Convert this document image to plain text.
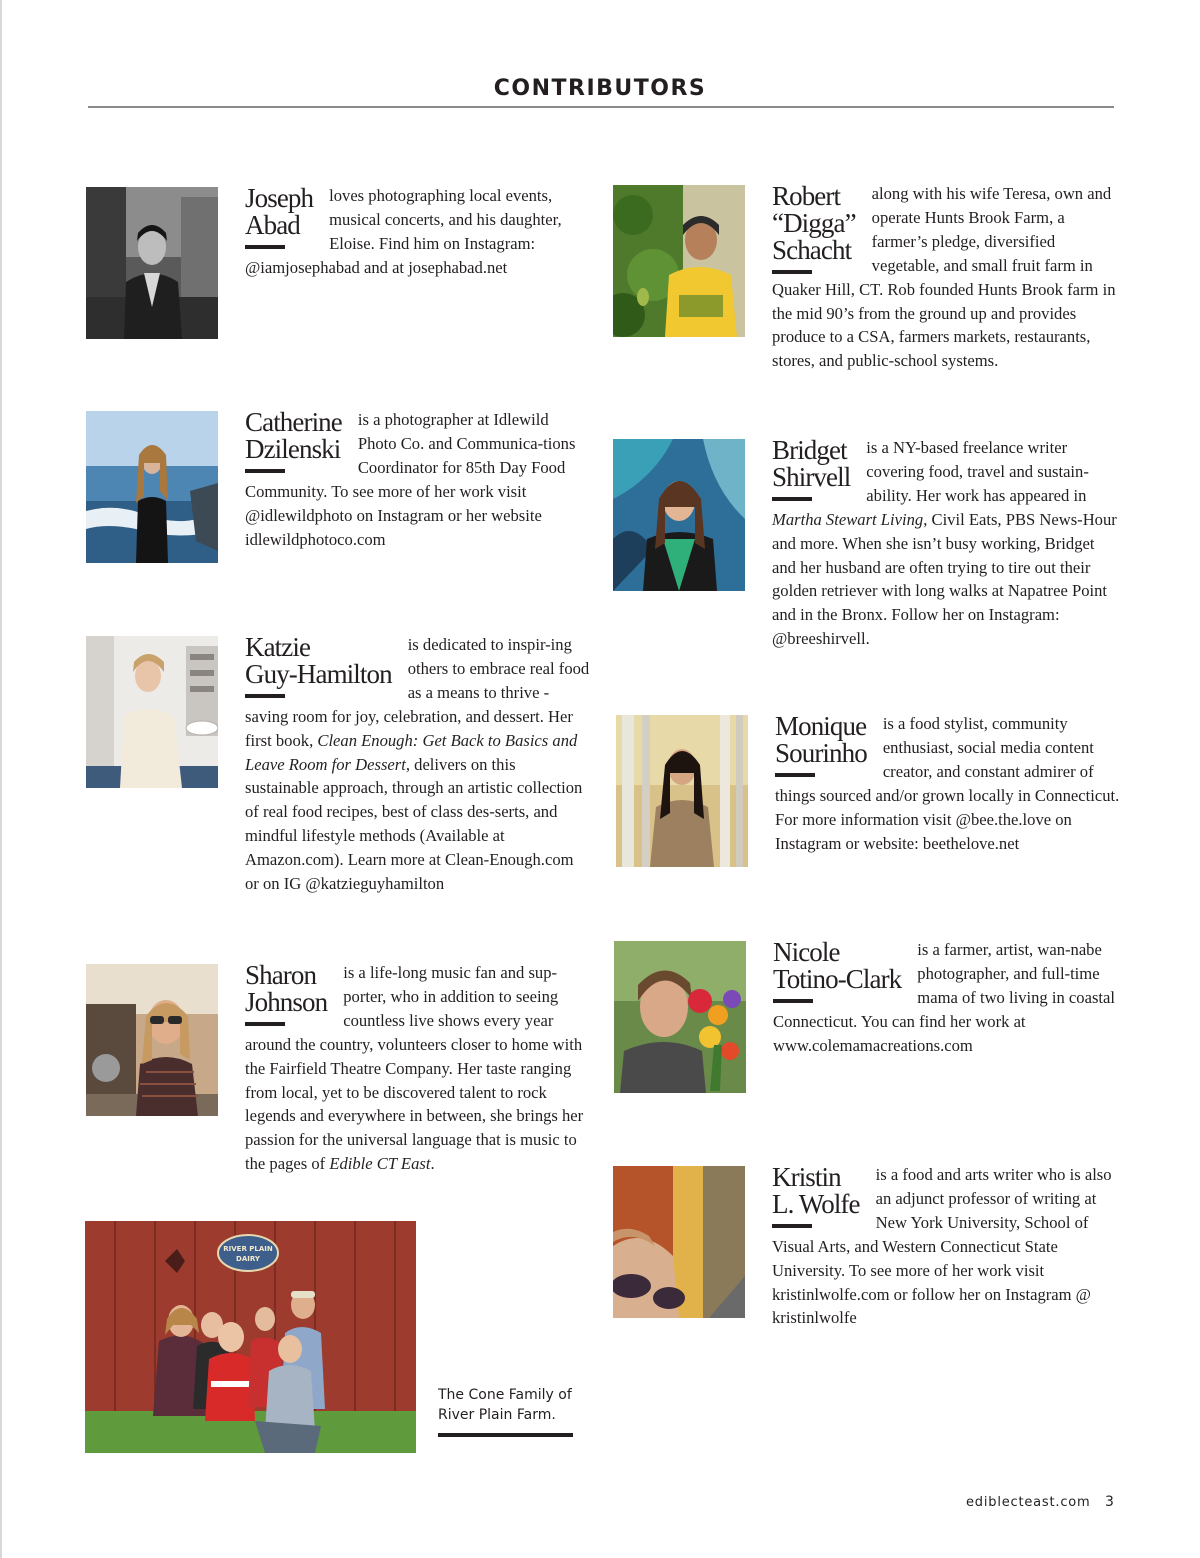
CONTRIBUTORS
Joseph
Abad
loves photographing local events, musical concerts, and his daughter, Eloise. Find him on Instagram: @iamjosephabad and at josephabad.net
Catherine
Dzilenski
is a photographer at Idlewild Photo Co. and Communica-tions Coordinator for 85th Day Food Community. To see more of her work visit @idlewildphoto on Instagram or her website idlewildphotoco.com
Katzie
Guy-Hamilton
is dedicated to inspir-ing others to embrace real food as a means to thrive - saving room for joy, celebration, and dessert. Her first book, Clean Enough: Get Back to Basics and Leave Room for Dessert, delivers on this sustainable approach, through an artistic collection of real food recipes, best of class des-serts, and mindful lifestyle methods (Available at Amazon.com). Learn more at Clean-Enough.com or on IG @katzieguyhamilton
Sharon
Johnson
is a life-long music fan and sup-porter, who in addition to seeing countless live shows every year around the country, volunteers closer to home with the Fairfield Theatre Company. Her taste ranging from local, yet to be discovered talent to rock legends and everywhere in between, she brings her passion for the universal language that is music to the pages of Edible CT East.
RIVER PLAIN
DAIRY
The Cone Family of River Plain Farm.
Robert
“Digga”
Schacht
along with his wife Teresa, own and operate Hunts Brook Farm, a farmer’s pledge, diversified vegetable, and small fruit farm in Quaker Hill, CT. Rob founded Hunts Brook farm in the mid 90’s from the ground up and provides produce to a CSA, farmers markets, restaurants, stores, and public-school systems.
Bridget
Shirvell
is a NY-based freelance writer covering food, travel and sustain-ability. Her work has appeared in Martha Stewart Living, Civil Eats, PBS News-Hour and more. When she isn’t busy working, Bridget and her husband are often trying to tire out their golden retriever with long walks at Napatree Point and in the Bronx. Follow her on Instagram: @breeshirvell.
Monique
Sourinho
is a food stylist, community enthusiast, social media content creator, and constant admirer of things sourced and/or grown locally in Connecticut. For more information visit @bee.the.love on Instagram or website: beethelove.net
Nicole
Totino-Clark
is a farmer, artist, wan-nabe photographer, and full-time mama of two living in coastal Connecticut. You can find her work at www.colemamacreations.com
Kristin
L. Wolfe
is a food and arts writer who is also an adjunct professor of writing at New York University, School of Visual Arts, and Western Connecticut State University. To see more of her work visit kristinlwolfe.com or follow her on Instagram @ kristinlwolfe
ediblecteast.com 3
